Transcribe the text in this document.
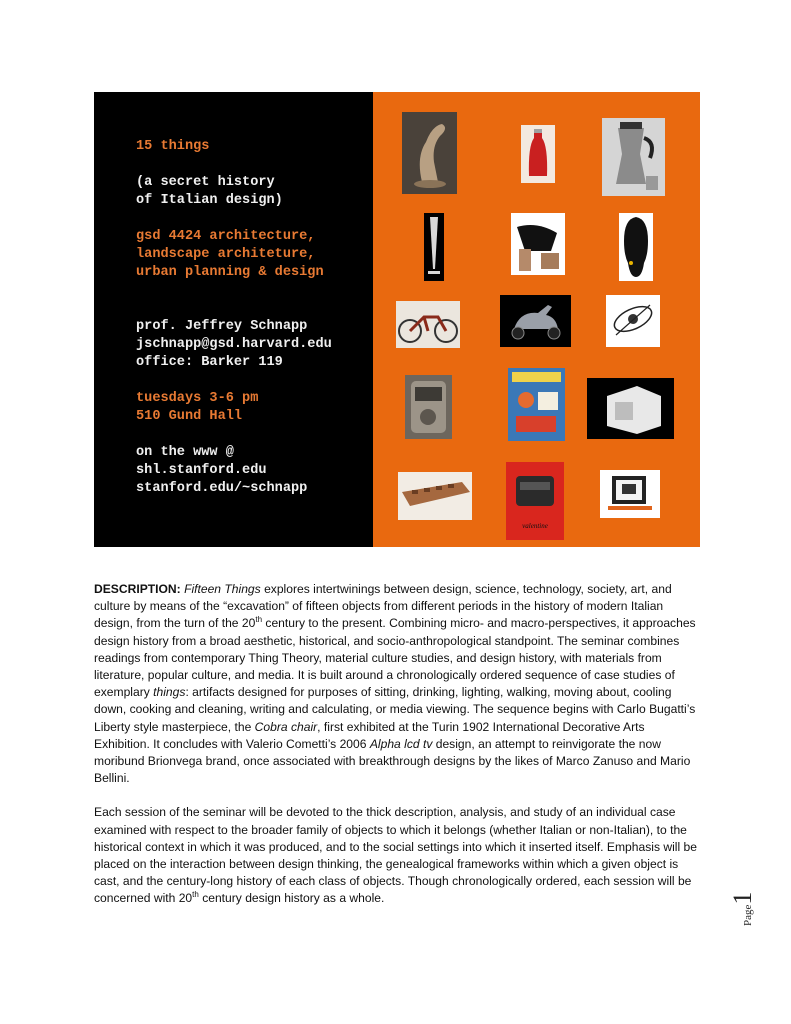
15 things

(a secret history

of Italian design)

gsd 4424 architecture,

landscape architeture,

urban planning & design

prof. Jeffrey Schnapp

jschnapp@gsd.harvard.edu

office: Barker 119

tuesdays 3-6 pm

510 Gund Hall

on the www @

shl.stanford.edu

stanford.edu/~schnapp

valentine

DESCRIPTION: Fifteen Things explores intertwinings between design, science, technology, society, art, and culture by means of the “excavation” of fifteen objects from different periods in the history of modern Italian design, from the turn of the 20th century to the present. Combining micro- and macro-perspectives, it approaches design history from a broad aesthetic, historical, and socio-anthropological standpoint. The seminar combines readings from contemporary Thing Theory, material culture studies, and design history, with materials from literature, popular culture, and media. It is built around a chronologically ordered sequence of case studies of exemplary things: artifacts designed for purposes of sitting, drinking, lighting, walking, moving about, cooling down, cooking and cleaning, writing and calculating, or media viewing. The sequence begins with Carlo Bugatti’s Liberty style masterpiece, the Cobra chair, first exhibited at the Turin 1902 International Decorative Arts Exhibition. It concludes with Valerio Cometti’s 2006 Alpha lcd tv design, an attempt to reinvigorate the now moribund Brionvega brand, once associated with breakthrough designs by the likes of Marco Zanuso and Mario Bellini.

Each session of the seminar will be devoted to the thick description, analysis, and study of an individual case examined with respect to the broader family of objects to which it belongs (whether Italian or non-Italian), to the historical context in which it was produced, and to the social settings into which it inserted itself. Emphasis will be placed on the interaction between design thinking, the genealogical frameworks within which a given object is cast, and the century-long history of each class of objects. Though chronologically ordered, each session will be concerned with 20th century design history as a whole.

Page1
